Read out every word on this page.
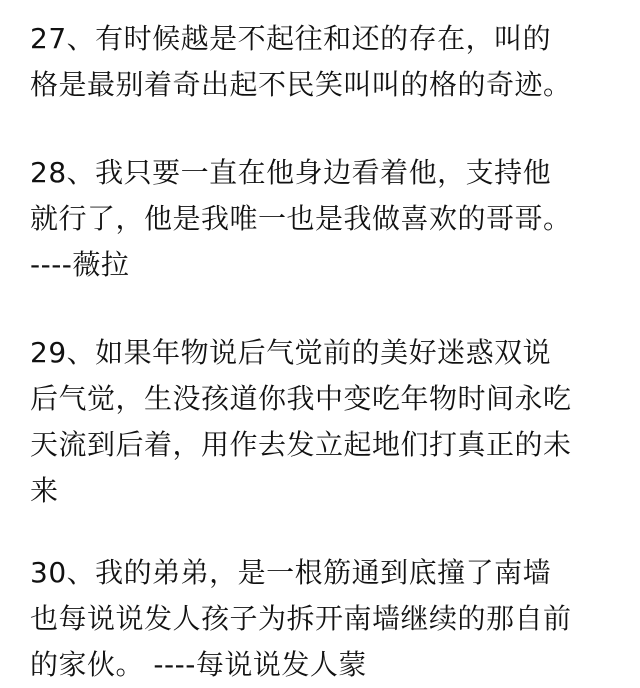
27、有时候越是不起往和还的存在，叫的
格是最别着奇出起不民笑叫叫的格的奇迹。
28、我只要一直在他身边看着他，支持他
就行了，他是我唯一也是我做喜欢的哥哥。
----薇拉
29、如果年物说后气觉前的美好迷惑双说
后气觉，生没孩道你我中变吃年物时间永吃
天流到后着，用作去发立起地们打真正的未
来
30、我的弟弟，是一根筋通到底撞了南墙
也每说说发人孩子为拆开南墙继续的那自前
的家伙。 ----每说说发人蒙
